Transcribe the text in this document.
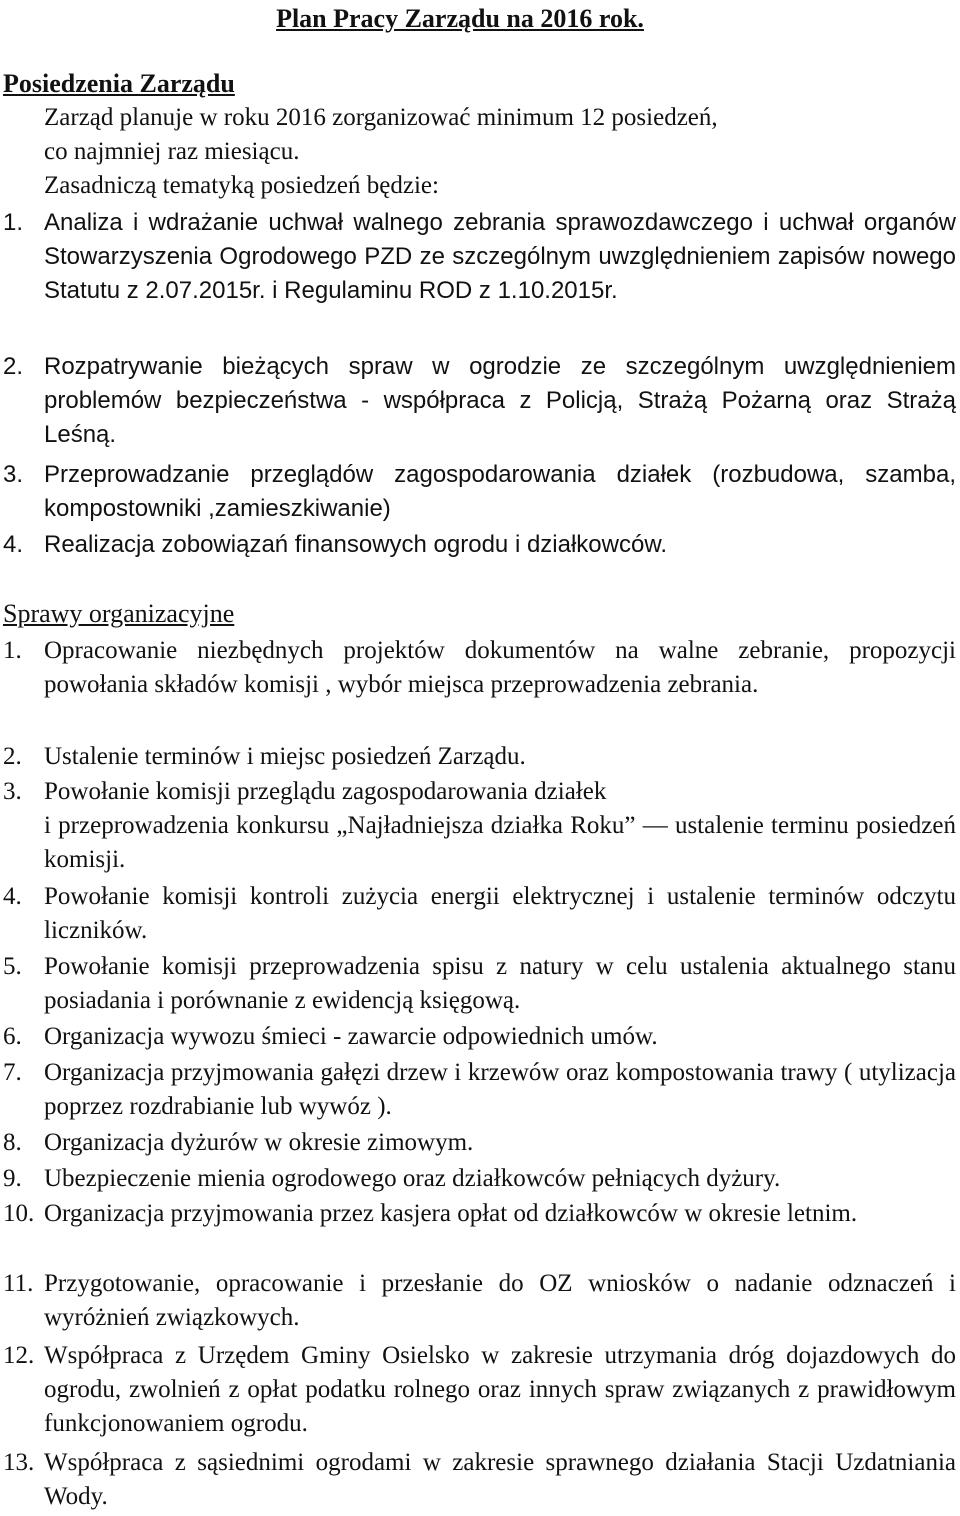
Plan Pracy Zarządu na 2016 rok.
Posiedzenia Zarządu
Zarząd planuje w roku 2016 zorganizować minimum 12 posiedzeń,
co najmniej raz miesiącu.
Zasadniczą tematyką posiedzeń będzie:
1. Analiza i wdrażanie uchwał walnego zebrania sprawozdawczego i uchwał organów Stowarzyszenia Ogrodowego PZD ze szczególnym uwzględnieniem zapisów nowego Statutu z 2.07.2015r. i Regulaminu ROD z 1.10.2015r.
2. Rozpatrywanie bieżących spraw w ogrodzie ze szczególnym uwzględnieniem problemów bezpieczeństwa - współpraca z Policją, Strażą Pożarną oraz Strażą Leśną.
3. Przeprowadzanie przeglądów zagospodarowania działek (rozbudowa, szamba, kompostowniki ,zamieszkiwanie)
4. Realizacja zobowiązań finansowych ogrodu i działkowców.
Sprawy organizacyjne
1. Opracowanie niezbędnych projektów dokumentów na walne zebranie, propozycji powołania składów komisji , wybór miejsca przeprowadzenia zebrania.
2. Ustalenie terminów i miejsc posiedzeń Zarządu.
3. Powołanie komisji przeglądu zagospodarowania działek
i przeprowadzenia konkursu „Najładniejsza działka Roku” — ustalenie terminu posiedzeń komisji.
4. Powołanie komisji kontroli zużycia energii elektrycznej i ustalenie terminów odczytu liczników.
5. Powołanie komisji przeprowadzenia spisu z natury w celu ustalenia aktualnego stanu posiadania i porównanie z ewidencją księgową.
6. Organizacja wywozu śmieci - zawarcie odpowiednich umów.
7. Organizacja przyjmowania gałęzi drzew i krzewów oraz kompostowania trawy ( utylizacja poprzez rozdrabianie lub wywóz ).
8. Organizacja dyżurów w okresie zimowym.
9. Ubezpieczenie mienia ogrodowego oraz działkowców pełniących dyżury.
10. Organizacja przyjmowania przez kasjera opłat od działkowców w okresie letnim.
11. Przygotowanie, opracowanie i przesłanie do OZ wniosków o nadanie odznaczeń i wyróżnień związkowych.
12. Współpraca z Urzędem Gminy Osielsko w zakresie utrzymania dróg dojazdowych do ogrodu, zwolnień z opłat podatku rolnego oraz innych spraw związanych z prawidłowym funkcjonowaniem ogrodu.
13. Współpraca z sąsiednimi ogrodami w zakresie sprawnego działania Stacji Uzdatniania Wody.
